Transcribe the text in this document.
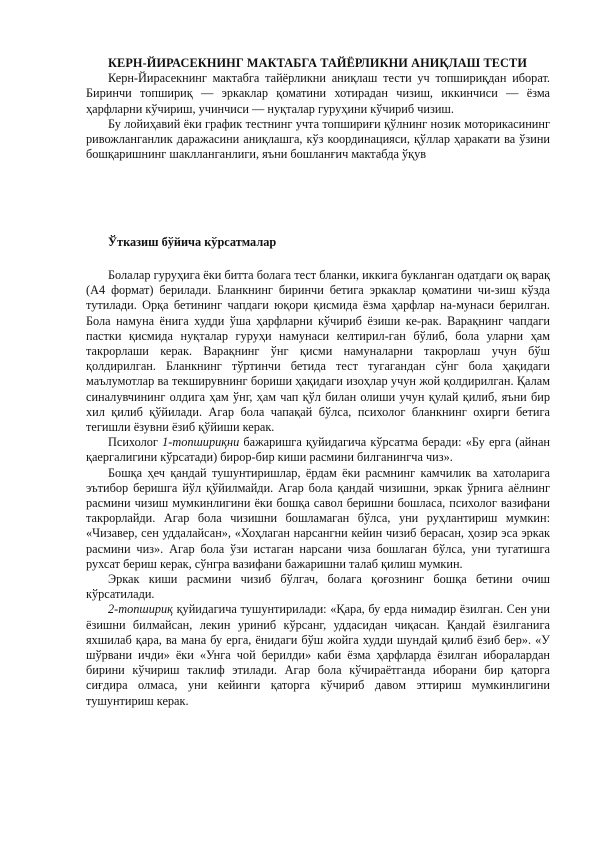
КЕРН-ЙИРАСЕКНИНГ МАКТАБГА ТАЙЁРЛИКНИ АНИҚЛАШ ТЕСТИ

Керн-Йирасекнинг мактабга тайёрликни аниқлаш тести уч топшириқдан иборат. Биринчи топшириқ — эркаклар қоматини хотирадан чизиш, иккинчиси — ёзма ҳарфларни кўчириш, учинчиси — нуқталар гуруҳини кўчириб чизиш.

Бу лойиҳавий ёки график тестнинг учта топшириғи қўлнинг нозик моторикасининг ривожланганлик даражасини аниқлашга, кўз координацияси, қўллар ҳаракати ва ўзини бошқаришнинг шаклланганлиги, яъни бошланғич мактабда ўқув

Ўтказиш бўйича кўрсатмалар

Болалар гуруҳига ёки битта болага тест бланки, иккига букланган одатдаги оқ варақ (A4 формат) берилади. Бланкнинг биринчи бетига эркаклар қоматини чи-зиш кўзда тутилади. Орқа бетининг чапдаги юқори қисмида ёзма ҳарфлар на-мунаси берилган. Бола намуна ёнига худди ўша ҳарфларни кўчириб ёзиши ке-рак. Варақнинг чапдаги пастки қисмида нуқталар гуруҳи намунаси келтирил-ган бўлиб, бола уларни ҳам такрорлаши керак. Варақнинг ўнг қисми намуналарни такрорлаш учун бўш қолдирилган. Бланкнинг тўртинчи бетида тест тугагандан сўнг бола ҳақидаги маълумотлар ва текширувнинг бориши ҳақидаги изоҳлар учун жой қолдирилган. Қалам синалувчининг олдига ҳам ўнг, ҳам чап қўл билан олиши учун қулай қилиб, яъни бир хил қилиб қўйилади. Агар бола чапақай бўлса, психолог бланкнинг охирги бетига тегишли ёзувни ёзиб қўйиши керак.

Психолог 1-топшириқни бажаришга қуйидагича кўрсатма беради: «Бу ерга (айнан қаергалигини кўрсатади) бирор-бир киши расмини билганингча чиз».

Бошқа ҳеч қандай тушунтиришлар, ёрдам ёки расмнинг камчилик ва хатоларига эътибор беришга йўл қўйилмайди. Агар бола қандай чизишни, эркак ўрнига аёлнинг расмини чизиш мумкинлигини ёки бошқа савол беришни бошласа, психолог вазифани такрорлайди. Агар бола чизишни бошламаган бўлса, уни руҳлантириш мумкин: «Чизавер, сен уддалайсан», «Хоҳлаган нарсангни кейин чизиб берасан, ҳозир эса эркак расмини чиз». Агар бола ўзи истаган нарсани чиза бошлаган бўлса, уни тугатишга рухсат бериш керак, сўнгра вазифани бажаришни талаб қилиш мумкин.

Эркак киши расмини чизиб бўлгач, болага қоғознинг бошқа бетини очиш кўрсатилади.

2-топшириқ қуйидагича тушунтирилади: «Қара, бу ерда нимадир ёзилган. Сен уни ёзишни билмайсан, лекин уриниб кўрсанг, уддасидан чиқасан. Қандай ёзилганига яхшилаб қара, ва мана бу ерга, ёнидаги бўш жойга худди шундай қилиб ёзиб бер». «У шўрвани ичди» ёки «Унга чой берилди» каби ёзма ҳарфларда ёзилган иборалардан бирини кўчириш таклиф этилади. Агар бола кўчираётганда иборани бир қаторга сиғдира олмаса, уни кейинги қаторга кўчириб давом эттириш мумкинлигини тушунтириш керак.
